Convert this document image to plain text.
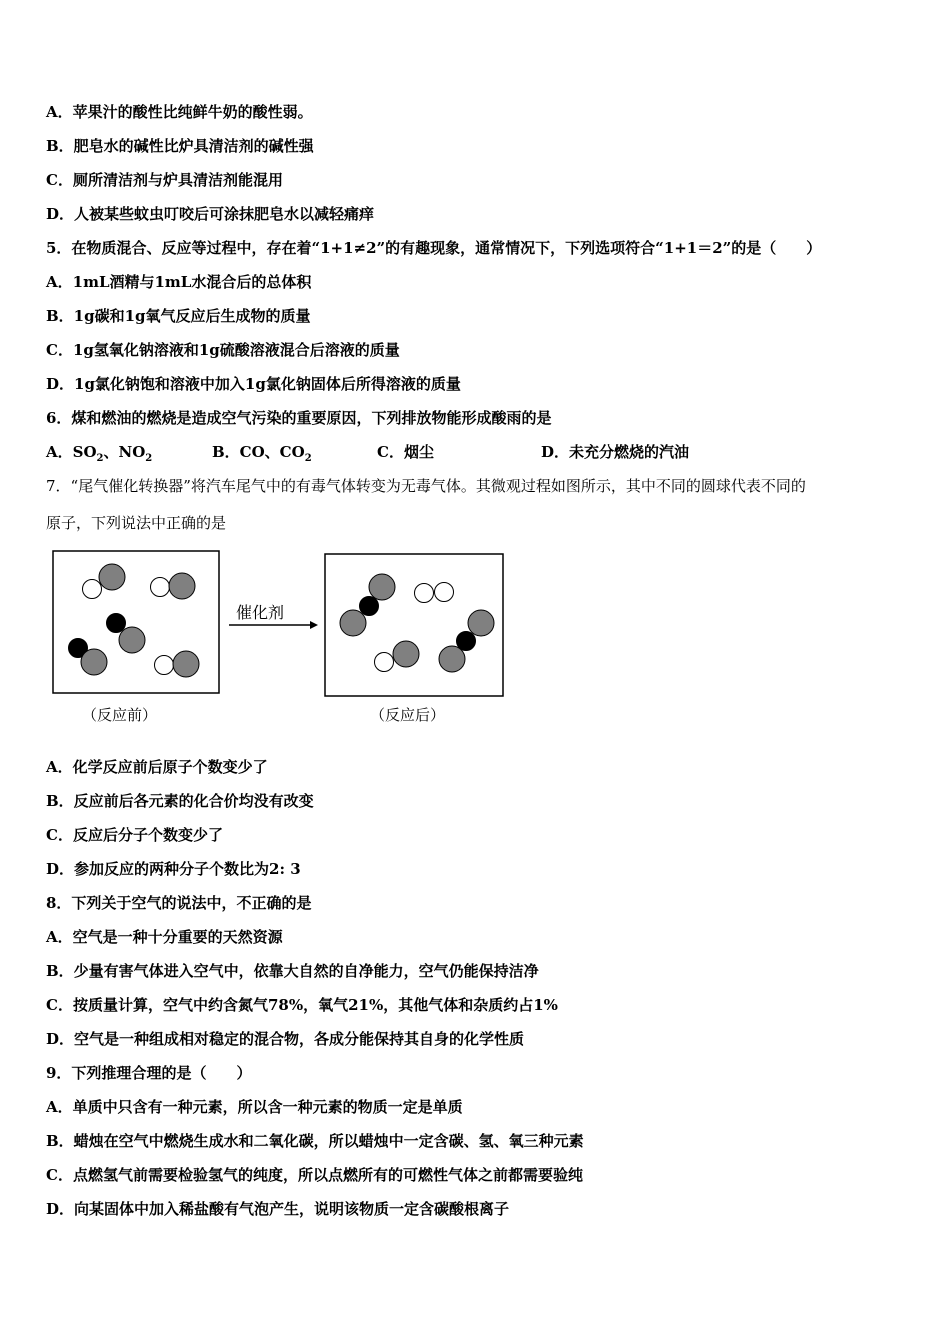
A．苹果汁的酸性比纯鲜牛奶的酸性弱。
B．肥皂水的碱性比炉具清洁剂的碱性强
C．厕所清洁剂与炉具清洁剂能混用
D．人被某些蚊虫叮咬后可涂抹肥皂水以减轻痛痒
5．在物质混合、反应等过程中，存在着“1+1≠2”的有趣现象，通常情况下，下列选项符合“1+1＝2”的是（　　）
A．1mL酒精与1mL水混合后的总体积
B．1g碳和1g氧气反应后生成物的质量
C．1g氢氧化钠溶液和1g硫酸溶液混合后溶液的质量
D．1g氯化钠饱和溶液中加入1g氯化钠固体后所得溶液的质量
6．煤和燃油的燃烧是造成空气污染的重要原因，下列排放物能形成酸雨的是
A．$SO_2$、$NO_2$	B．CO、$CO_2$	C．烟尘	D．未充分燃烧的汽油
7．“尾气催化转换器”将汽车尾气中的有毒气体转变为无毒气体。其微观过程如图所示，其中不同的圆球代表不同的
原子，下列说法中正确的是
催化剂
（反应前）	（反应后）
A．化学反应前后原子个数变少了
B．反应前后各元素的化合价均没有改变
C．反应后分子个数变少了
D．参加反应的两种分子个数比为2: 3
8．下列关于空气的说法中，不正确的是
A．空气是一种十分重要的天然资源
B．少量有害气体进入空气中，依靠大自然的自净能力，空气仍能保持洁净
C．按质量计算，空气中约含氮气78%，氧气21%，其他气体和杂质约占1%
D．空气是一种组成相对稳定的混合物，各成分能保持其自身的化学性质
9．下列推理合理的是（　　）
A．单质中只含有一种元素，所以含一种元素的物质一定是单质
B．蜡烛在空气中燃烧生成水和二氧化碳，所以蜡烛中一定含碳、氢、氧三种元素
C．点燃氢气前需要检验氢气的纯度，所以点燃所有的可燃性气体之前都需要验纯
D．向某固体中加入稀盐酸有气泡产生，说明该物质一定含碳酸根离子
